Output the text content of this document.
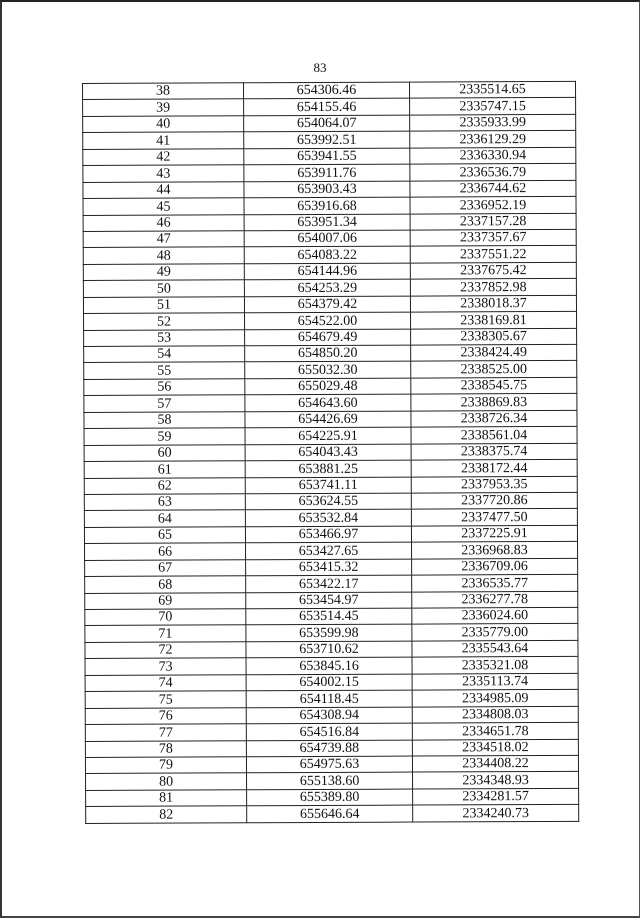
83
38	654306.46	2335514.65
39	654155.46	2335747.15
40	654064.07	2335933.99
41	653992.51	2336129.29
42	653941.55	2336330.94
43	653911.76	2336536.79
44	653903.43	2336744.62
45	653916.68	2336952.19
46	653951.34	2337157.28
47	654007.06	2337357.67
48	654083.22	2337551.22
49	654144.96	2337675.42
50	654253.29	2337852.98
51	654379.42	2338018.37
52	654522.00	2338169.81
53	654679.49	2338305.67
54	654850.20	2338424.49
55	655032.30	2338525.00
56	655029.48	2338545.75
57	654643.60	2338869.83
58	654426.69	2338726.34
59	654225.91	2338561.04
60	654043.43	2338375.74
61	653881.25	2338172.44
62	653741.11	2337953.35
63	653624.55	2337720.86
64	653532.84	2337477.50
65	653466.97	2337225.91
66	653427.65	2336968.83
67	653415.32	2336709.06
68	653422.17	2336535.77
69	653454.97	2336277.78
70	653514.45	2336024.60
71	653599.98	2335779.00
72	653710.62	2335543.64
73	653845.16	2335321.08
74	654002.15	2335113.74
75	654118.45	2334985.09
76	654308.94	2334808.03
77	654516.84	2334651.78
78	654739.88	2334518.02
79	654975.63	2334408.22
80	655138.60	2334348.93
81	655389.80	2334281.57
82	655646.64	2334240.73
